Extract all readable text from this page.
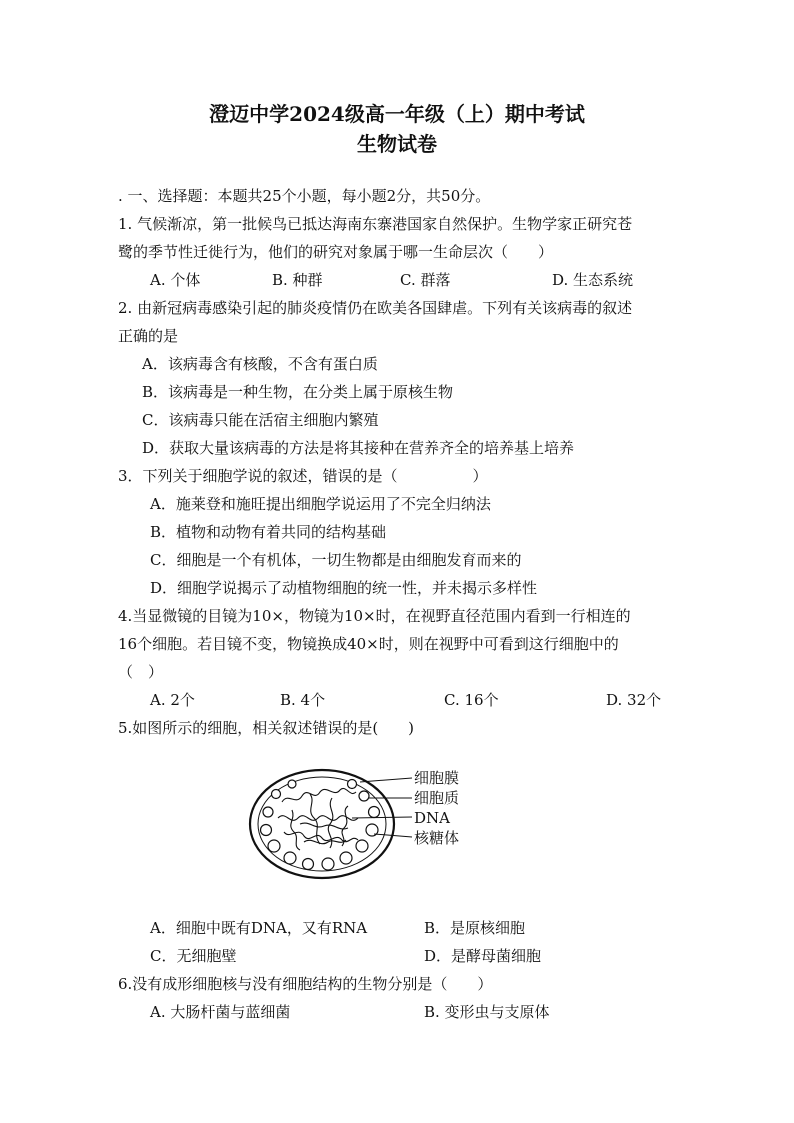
澄迈中学2024级高一年级（上）期中考试
生物试卷
. 一、选择题：本题共25个小题，每小题2分，共50分。
1. 气候渐凉，第一批候鸟已抵达海南东寨港国家自然保护。生物学家正研究苍
鹭的季节性迁徙行为，他们的研究对象属于哪一生命层次（　　）
A. 个体	B. 种群	C. 群落	D. 生态系统
2. 由新冠病毒感染引起的肺炎疫情仍在欧美各国肆虐。下列有关该病毒的叙述
正确的是
A．该病毒含有核酸，不含有蛋白质
B．该病毒是一种生物，在分类上属于原核生物
C．该病毒只能在活宿主细胞内繁殖
D．获取大量该病毒的方法是将其接种在营养齐全的培养基上培养
3．下列关于细胞学说的叙述，错误的是（　　　　　）
A．施莱登和施旺提出细胞学说运用了不完全归纳法
B．植物和动物有着共同的结构基础
C．细胞是一个有机体，一切生物都是由细胞发育而来的
D．细胞学说揭示了动植物细胞的统一性，并未揭示多样性
4.当显微镜的目镜为10×，物镜为10×时，在视野直径范围内看到一行相连的
16个细胞。若目镜不变，物镜换成40×时，则在视野中可看到这行细胞中的
（　）
A. 2个	B. 4个	C. 16个	D. 32个
5.如图所示的细胞，相关叙述错误的是(　　)
细胞膜
细胞质
DNA
核糖体
A．细胞中既有DNA，又有RNA	B．是原核细胞
C．无细胞壁	D．是酵母菌细胞
6.没有成形细胞核与没有细胞结构的生物分别是（　　）
A. 大肠杆菌与蓝细菌	B. 变形虫与支原体
